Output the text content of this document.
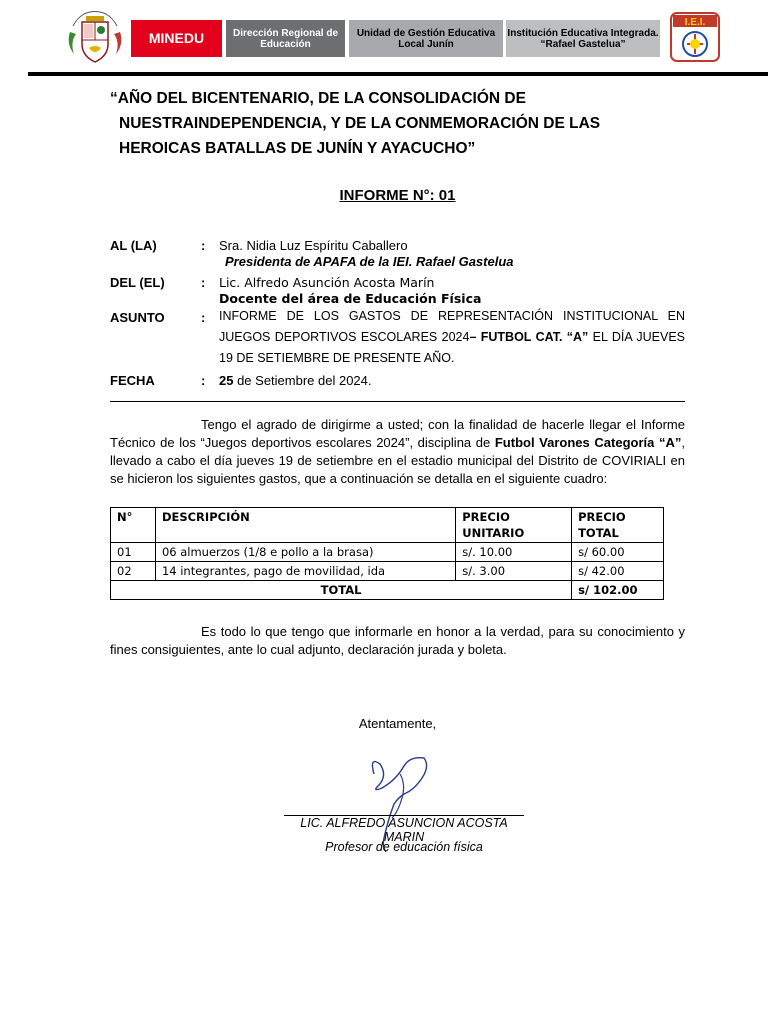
MINEDU	Dirección Regional de Educación
Unidad de Gestión Educativa Local Junín
Institución Educativa Integrada. “Rafael Gastelua”
I.E.I.
“AÑO DEL BICENTENARIO, DE LA CONSOLIDACIÓN DE
NUESTRAINDEPENDENCIA, Y DE LA CONMEMORACIÓN DE LAS
HEROICAS BATALLAS DE JUNÍN Y AYACUCHO”
INFORME N°: 01
AL (LA)	: Sra. Nidia Luz Espíritu Caballero
Presidenta de APAFA de la IEI. Rafael Gastelua
DEL (EL)	: Lic. Alfredo Asunción Acosta Marín
Docente del área de Educación Física
ASUNTO	: INFORME DE LOS GASTOS DE REPRESENTACIÓN INSTITUCIONAL EN JUEGOS DEPORTIVOS ESCOLARES 2024– FUTBOL CAT. “A” EL DÍA JUEVES 19 DE SETIEMBRE DE PRESENTE AÑO.
FECHA	: 25 de Setiembre del 2024.
Tengo el agrado de dirigirme a usted; con la finalidad de hacerle llegar el Informe Técnico de los “Juegos deportivos escolares 2024”, disciplina de Futbol Varones Categoría “A”, llevado a cabo el día jueves 19 de setiembre en el estadio municipal del Distrito de COVIRIALI en se hicieron los siguientes gastos, que a continuación se detalla en el siguiente cuadro:
N°	DESCRIPCIÓN	PRECIO UNITARIO	PRECIO TOTAL
01	06 almuerzos (1/8 e pollo a la brasa)	s/. 10.00	s/ 60.00
02	14 integrantes, pago de movilidad, ida	s/. 3.00	s/ 42.00
TOTAL			s/ 102.00
Es todo lo que tengo que informarle en honor a la verdad, para su conocimiento y fines consiguientes, ante lo cual adjunto, declaración jurada y boleta.
Atentamente,
LIC. ALFREDO ASUNCION ACOSTA MARIN
Profesor de educación física
